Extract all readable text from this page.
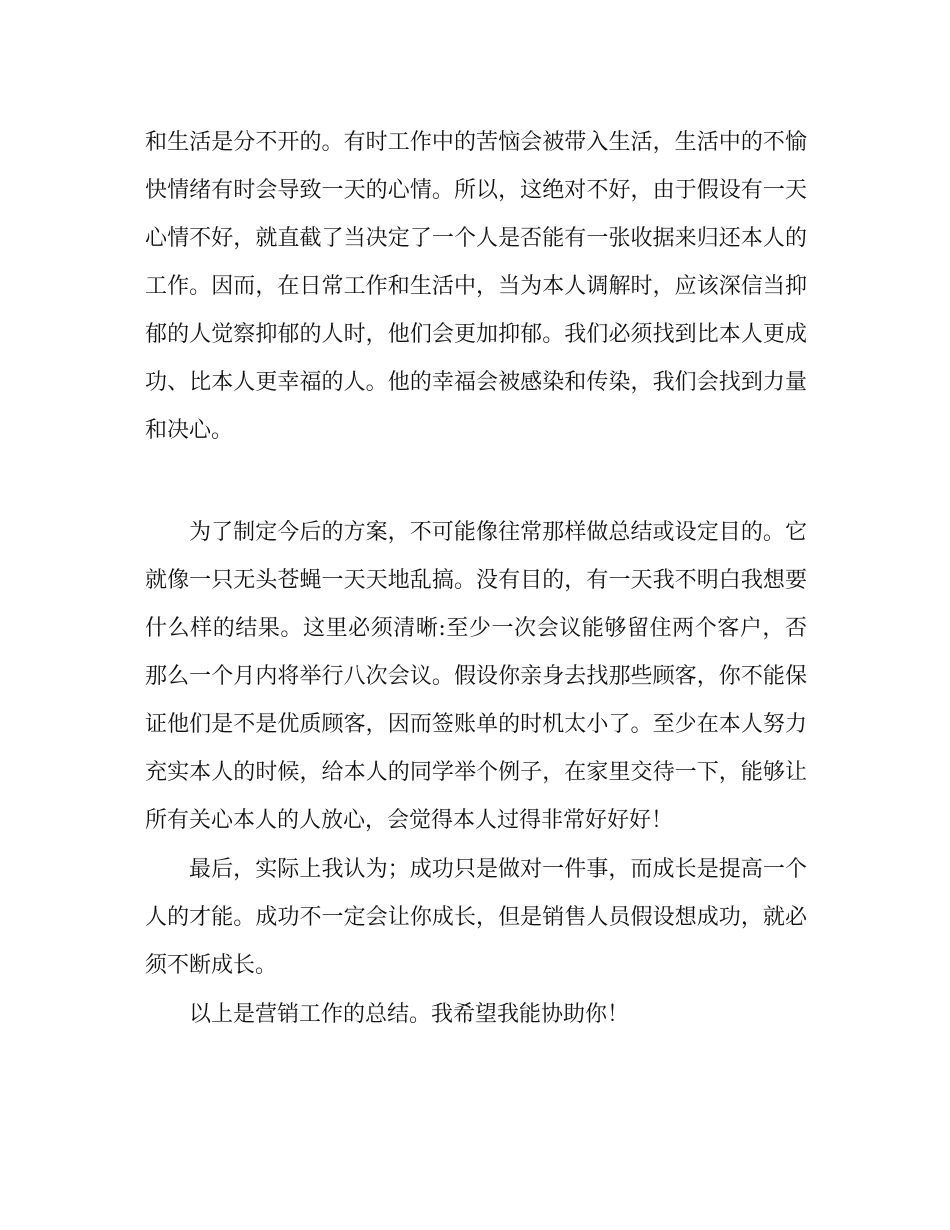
和生活是分不开的。有时工作中的苦恼会被带入生活，生活中的不愉
快情绪有时会导致一天的心情。所以，这绝对不好，由于假设有一天
心情不好，就直截了当决定了一个人是否能有一张收据来归还本人的
工作。因而，在日常工作和生活中，当为本人调解时，应该深信当抑
郁的人觉察抑郁的人时，他们会更加抑郁。我们必须找到比本人更成
功、比本人更幸福的人。他的幸福会被感染和传染，我们会找到力量
和决心。
为了制定今后的方案，不可能像往常那样做总结或设定目的。它
就像一只无头苍蝇一天天地乱搞。没有目的，有一天我不明白我想要
什么样的结果。这里必须清晰:至少一次会议能够留住两个客户，否
那么一个月内将举行八次会议。假设你亲身去找那些顾客，你不能保
证他们是不是优质顾客，因而签账单的时机太小了。至少在本人努力
充实本人的时候，给本人的同学举个例子，在家里交待一下，能够让
所有关心本人的人放心，会觉得本人过得非常好好好！
最后，实际上我认为；成功只是做对一件事，而成长是提高一个
人的才能。成功不一定会让你成长，但是销售人员假设想成功，就必
须不断成长。
以上是营销工作的总结。我希望我能协助你！
